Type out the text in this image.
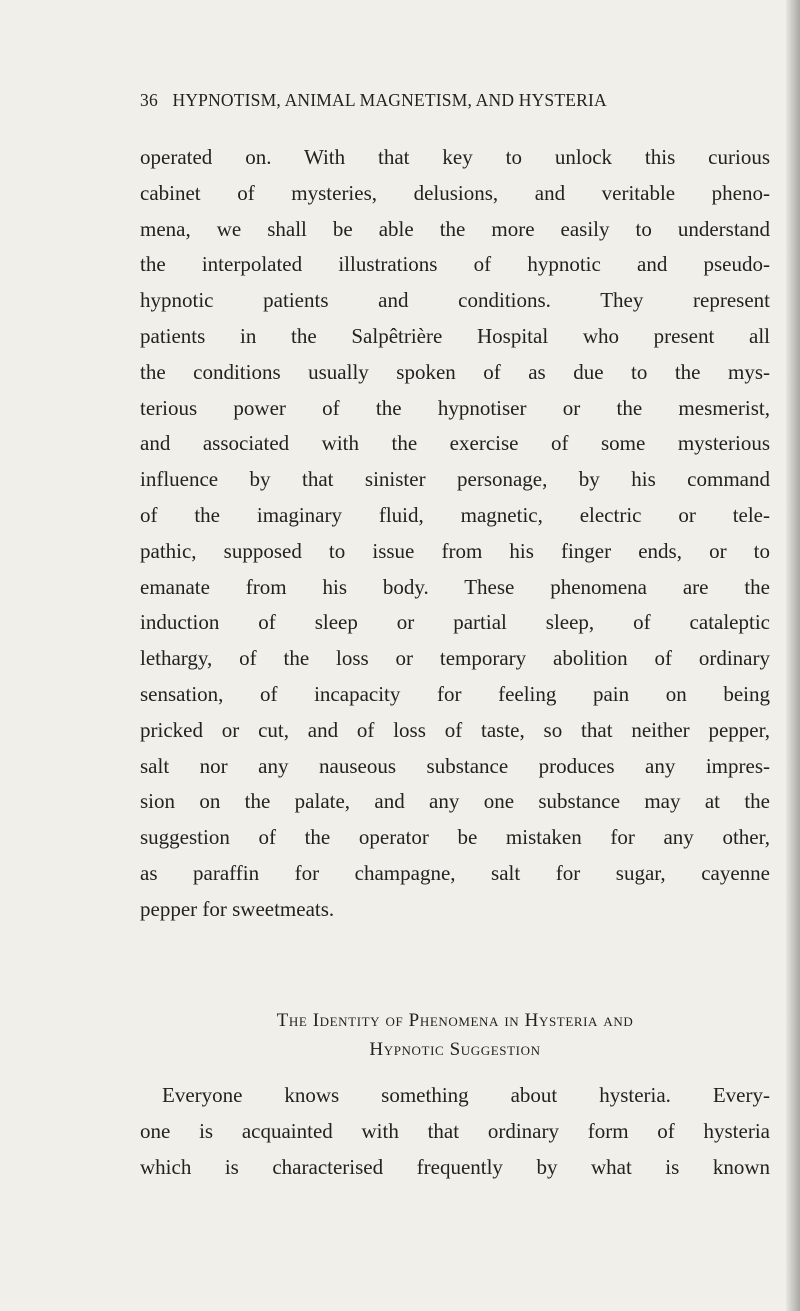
36 HYPNOTISM, ANIMAL MAGNETISM, AND HYSTERIA
operated on. With that key to unlock this curious
cabinet of mysteries, delusions, and veritable pheno-
mena, we shall be able the more easily to understand
the interpolated illustrations of hypnotic and pseudo-
hypnotic patients and conditions. They represent
patients in the Salpêtrière Hospital who present all
the conditions usually spoken of as due to the mys-
terious power of the hypnotiser or the mesmerist,
and associated with the exercise of some mysterious
influence by that sinister personage, by his command
of the imaginary fluid, magnetic, electric or tele-
pathic, supposed to issue from his finger ends, or to
emanate from his body. These phenomena are the
induction of sleep or partial sleep, of cataleptic
lethargy, of the loss or temporary abolition of ordinary
sensation, of incapacity for feeling pain on being
pricked or cut, and of loss of taste, so that neither pepper,
salt nor any nauseous substance produces any impres-
sion on the palate, and any one substance may at the
suggestion of the operator be mistaken for any other,
as paraffin for champagne, salt for sugar, cayenne
pepper for sweetmeats.
The Identity of Phenomena in Hysteria and
Hypnotic Suggestion
Everyone knows something about hysteria. Every-
one is acquainted with that ordinary form of hysteria
which is characterised frequently by what is known
